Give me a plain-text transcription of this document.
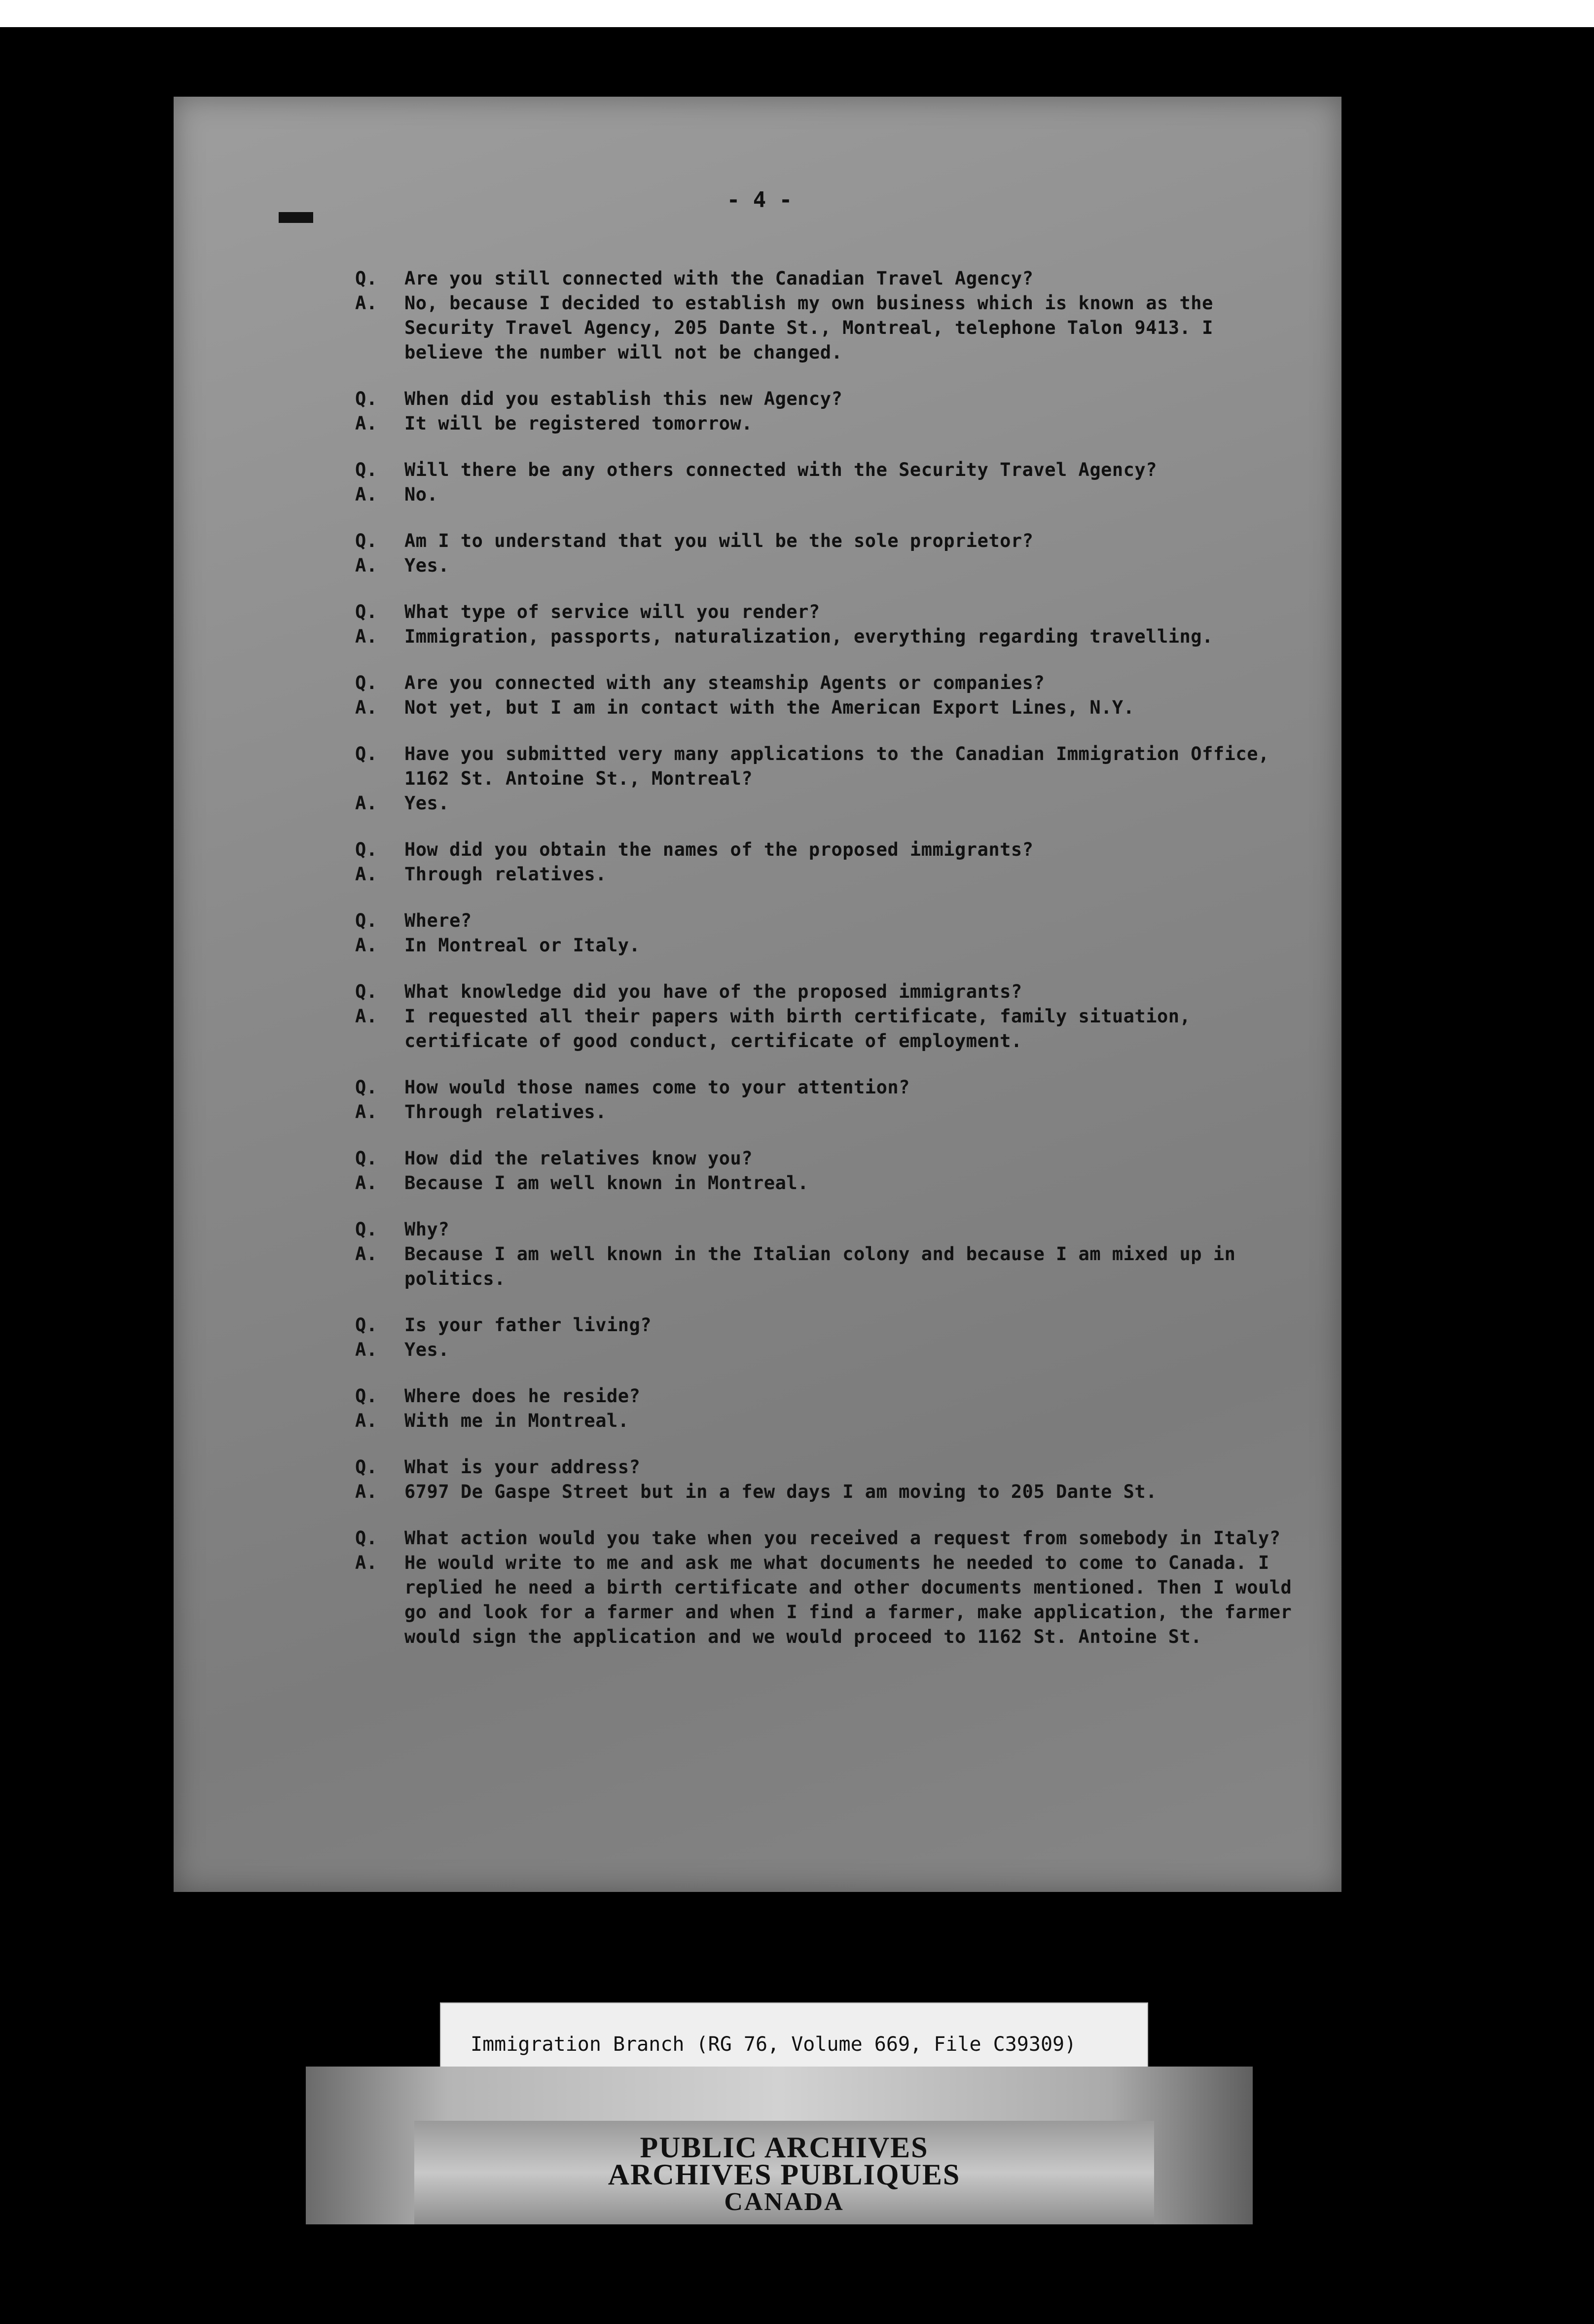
- 4 -
Q.	Are you still connected with the Canadian Travel Agency?
A.	No, because I decided to establish my own business which is known as the Security Travel Agency, 205 Dante St., Montreal, telephone Talon 9413. I believe the number will not be changed.
Q.	When did you establish this new Agency?
A.	It will be registered tomorrow.
Q.	Will there be any others connected with the Security Travel Agency?
A.	No.
Q.	Am I to understand that you will be the sole proprietor?
A.	Yes.
Q.	What type of service will you render?
A.	Immigration, passports, naturalization, everything regarding travelling.
Q.	Are you connected with any steamship Agents or companies?
A.	Not yet, but I am in contact with the American Export Lines, N.Y.
Q.	Have you submitted very many applications to the Canadian Immigration Office, 1162 St. Antoine St., Montreal?
A.	Yes.
Q.	How did you obtain the names of the proposed immigrants?
A.	Through relatives.
Q.	Where?
A.	In Montreal or Italy.
Q.	What knowledge did you have of the proposed immigrants?
A.	I requested all their papers with birth certificate, family situation, certificate of good conduct, certificate of employment.
Q.	How would those names come to your attention?
A.	Through relatives.
Q.	How did the relatives know you?
A.	Because I am well known in Montreal.
Q.	Why?
A.	Because I am well known in the Italian colony and because I am mixed up in politics.
Q.	Is your father living?
A.	Yes.
Q.	Where does he reside?
A.	With me in Montreal.
Q.	What is your address?
A.	6797 De Gaspe Street but in a few days I am moving to 205 Dante St.
Q.	What action would you take when you received a request from somebody in Italy?
A.	He would write to me and ask me what documents he needed to come to Canada. I replied he need a birth certificate and other documents mentioned. Then I would go and look for a farmer and when I find a farmer, make application, the farmer would sign the application and we would proceed to 1162 St. Antoine St.
Immigration Branch (RG 76, Volume 669, File C39309)
PUBLIC ARCHIVES
ARCHIVES PUBLIQUES
CANADA
